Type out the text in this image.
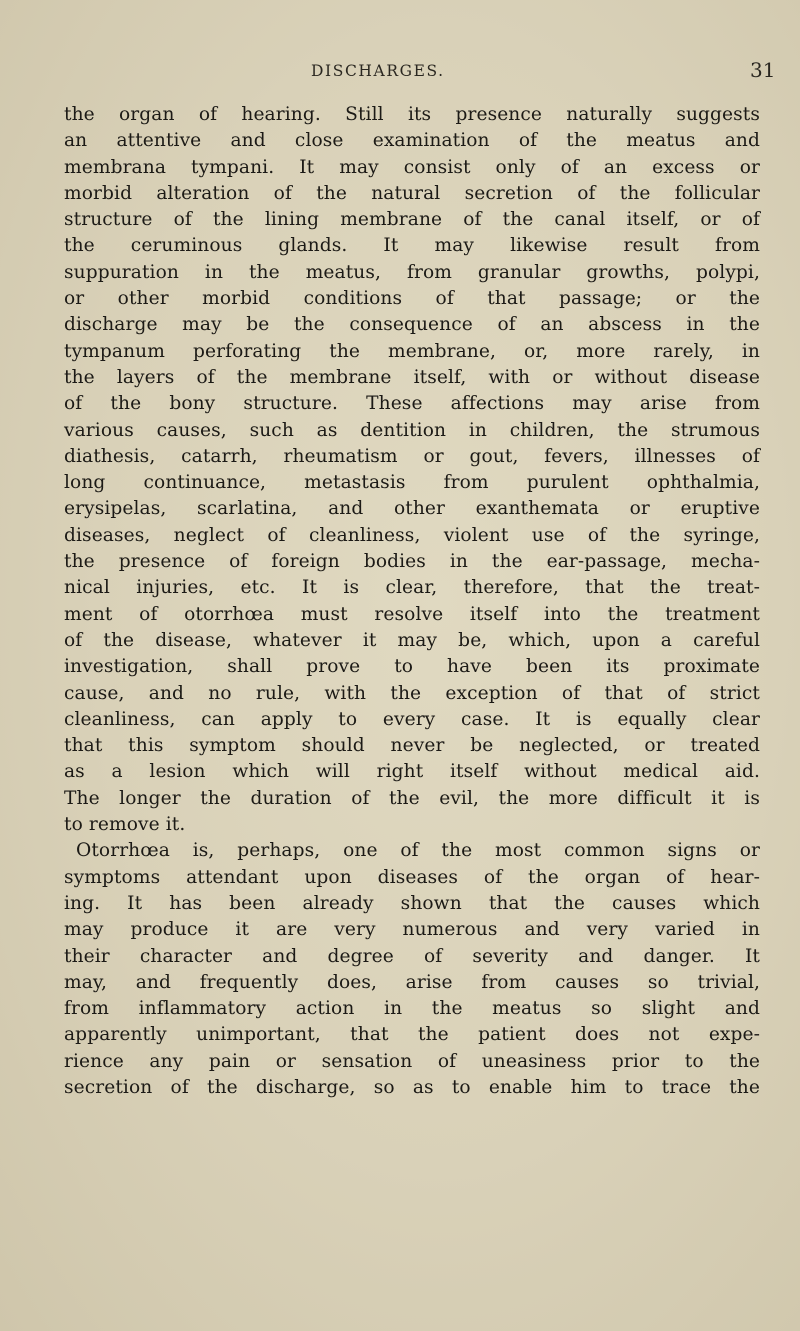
DISCHARGES.	31
the organ of hearing. Still its presence naturally suggests
an attentive and close examination of the meatus and
membrana tympani. It may consist only of an excess or
morbid alteration of the natural secretion of the follicular
structure of the lining membrane of the canal itself, or of
the ceruminous glands. It may likewise result from
suppuration in the meatus, from granular growths, polypi,
or other morbid conditions of that passage; or the
discharge may be the consequence of an abscess in the
tympanum perforating the membrane, or, more rarely, in
the layers of the membrane itself, with or without disease
of the bony structure. These affections may arise from
various causes, such as dentition in children, the strumous
diathesis, catarrh, rheumatism or gout, fevers, illnesses of
long continuance, metastasis from purulent ophthalmia,
erysipelas, scarlatina, and other exanthemata or eruptive
diseases, neglect of cleanliness, violent use of the syringe,
the presence of foreign bodies in the ear-passage, mecha-
nical injuries, etc. It is clear, therefore, that the treat-
ment of otorrhœa must resolve itself into the treatment
of the disease, whatever it may be, which, upon a careful
investigation, shall prove to have been its proximate
cause, and no rule, with the exception of that of strict
cleanliness, can apply to every case. It is equally clear
that this symptom should never be neglected, or treated
as a lesion which will right itself without medical aid.
The longer the duration of the evil, the more difficult it is
to remove it.
Otorrhœa is, perhaps, one of the most common signs or
symptoms attendant upon diseases of the organ of hear-
ing. It has been already shown that the causes which
may produce it are very numerous and very varied in
their character and degree of severity and danger. It
may, and frequently does, arise from causes so trivial,
from inflammatory action in the meatus so slight and
apparently unimportant, that the patient does not expe-
rience any pain or sensation of uneasiness prior to the
secretion of the discharge, so as to enable him to trace the
